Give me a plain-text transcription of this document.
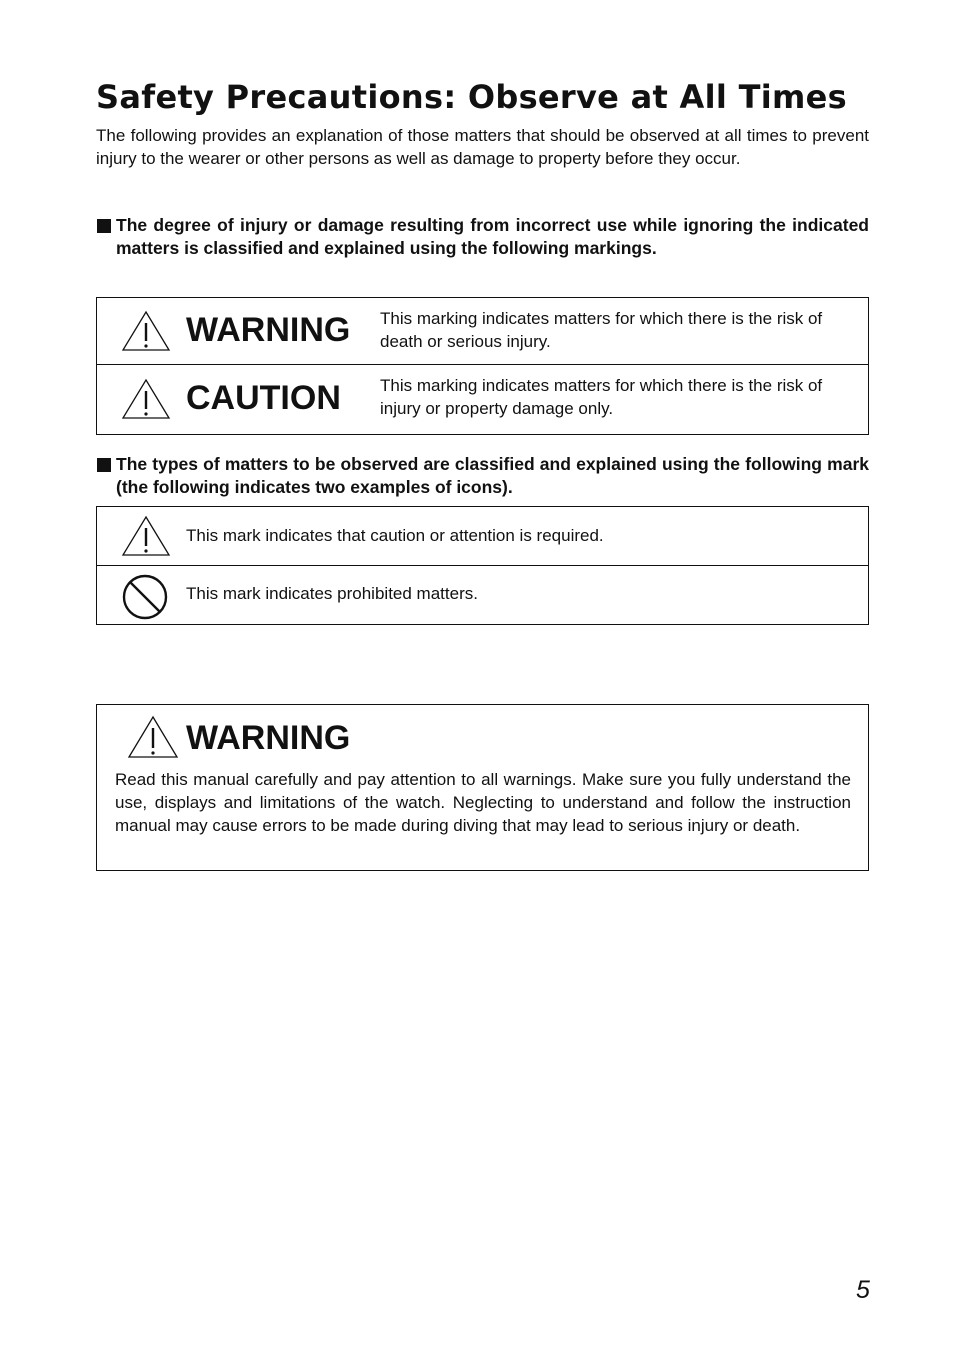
Safety Precautions: Observe at All Times

The following provides an explanation of those matters that should be observed at all times to prevent injury to the wearer or other persons as well as damage to property before they occur.

The degree of injury or damage resulting from incorrect use while ignoring the indicated matters is classified and explained using the following markings.
WARNING This marking indicates matters for which there is the risk of death or serious injury.
CAUTION This marking indicates matters for which there is the risk of injury or property damage only.
The types of matters to be observed are classified and explained using the following mark (the following indicates two examples of icons).
This mark indicates that caution or attention is required.
This mark indicates prohibited matters.
WARNING
Read this manual carefully and pay attention to all warnings. Make sure you fully understand the use, displays and limitations of the watch. Neglecting to understand and follow the instruction manual may cause errors to be made during diving that may lead to serious injury or death.
5
